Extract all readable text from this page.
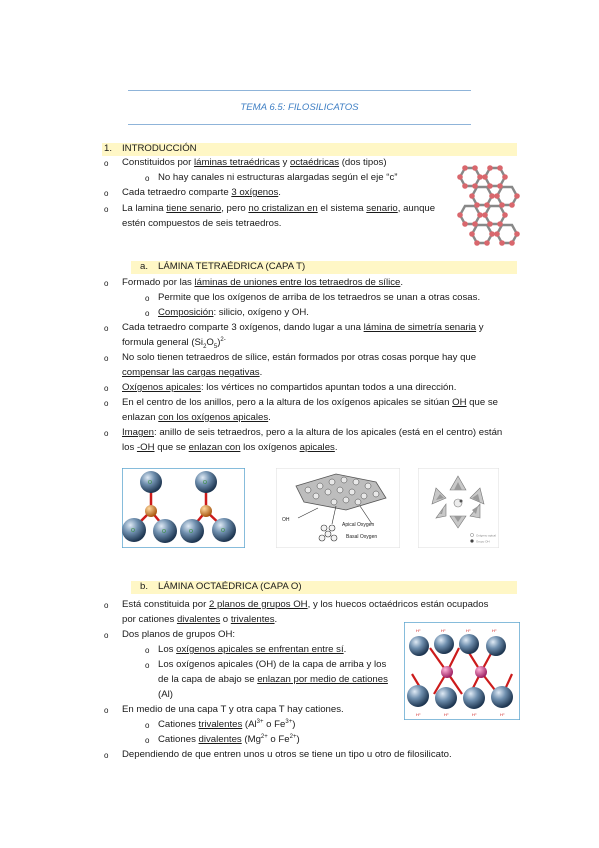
TEMA 6.5: FILOSILICATOS
1. INTRODUCCIÓN
o Constituidos por láminas tetraédricas y octaédricas (dos tipos)
o No hay canales ni estructuras alargadas según el eje “c”
o Cada tetraedro comparte 3 oxígenos.
o La lamina tiene senario, pero no cristalizan en el sistema senario, aunque
estén compuestos de seis tetraedros.
a. LÁMINA TETRAÉDRICA (CAPA T)
o Formado por las láminas de uniones entre los tetraedros de sílice.
o Permite que los oxígenos de arriba de los tetraedros se unan a otras cosas.
o Composición: silicio, oxígeno y OH.
o Cada tetraedro comparte 3 oxígenos, dando lugar a una lámina de simetría senaria y
formula general $(Si_2O_5)^{2-}$
o No solo tienen tetraedros de sílice, están formados por otras cosas porque hay que
compensar las cargas negativas.
o Oxígenos apicales: los vértices no compartidos apuntan todos a una dirección.
o En el centro de los anillos, pero a la altura de los oxígenos apicales se sitúan OH que se
enlazan con los oxígenos apicales.
o Imagen: anillo de seis tetraedros, pero a la altura de los apicales (está en el centro) están
los -OH que se enlazan con los oxígenos apicales.
O	O
O	O	O	O
OH
Apical Oxygen
Basal Oxygen	Oxígeno apical
Grupo OH
b. LÁMINA OCTAÉDRICA (CAPA O)
o Está constituida por 2 planos de grupos OH, y los huecos octaédricos están ocupados
por cationes divalentes o trivalentes.
o Dos planos de grupos OH:
o Los oxígenos apicales se enfrentan entre sí.
o Los oxígenos apicales (OH) de la capa de arriba y los
de la capa de abajo se enlazan por medio de cationes
(Al)
o En medio de una capa T y otra capa T hay cationes.
o Cationes trivalentes ($Al^{3+}$ o $Fe^{3+}$)
o Cationes divalentes ($Mg^{2+}$ o $Fe^{2+}$)
o Dependiendo de que entren unos u otros se tiene un tipo u otro de filosilicato.
Al	Al
H⁺	H⁺	H⁺	H⁺
H⁺	H⁺	H⁺	H⁺
